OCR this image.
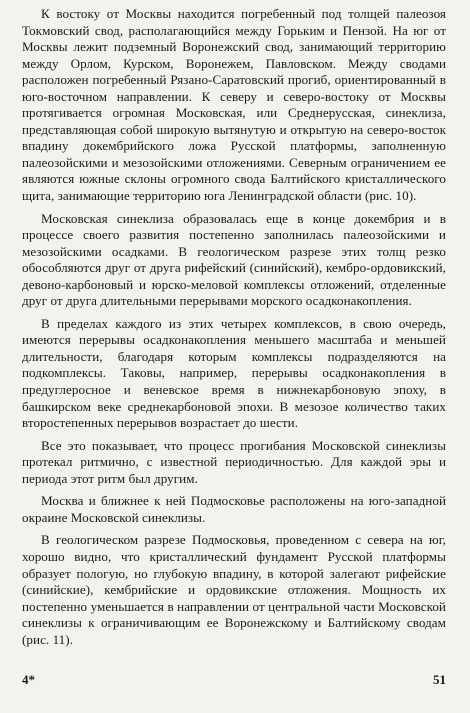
К востоку от Москвы находится погребенный под толщей палеозоя Токмовский свод, располагающийся между Горьким и Пензой. На юг от Москвы лежит подземный Воронежский свод, занимающий территорию между Орлом, Курском, Воронежем, Павловском. Между сводами расположен погребенный Рязано-Саратовский прогиб, ориентированный в юго-восточном направлении. К северу и северо-востоку от Москвы протягивается огромная Московская, или Среднерусская, синеклиза, представляющая собой широкую вытянутую и открытую на северо-восток впадину докембрийского ложа Русской платформы, заполненную палеозойскими и мезозойскими отложениями. Северным ограничением ее являются южные склоны огромного свода Балтийского кристаллического щита, занимающие территорию юга Ленинградской области (рис. 10).

Московская синеклиза образовалась еще в конце докембрия и в процессе своего развития постепенно заполнилась палеозойскими и мезозойскими осадками. В геологическом разрезе этих толщ резко обособляются друг от друга рифейский (синийский), кембро-ордовикский, девоно-карбоновый и юрско-меловой комплексы отложений, отделенные друг от друга длительными перерывами морского осадконакопления.

В пределах каждого из этих четырех комплексов, в свою очередь, имеются перерывы осадконакопления меньшего масштаба и меньшей длительности, благодаря которым комплексы подразделяются на подкомплексы. Таковы, например, перерывы осадконакопления в предуглеросное и веневское время в нижнекарбоновую эпоху, в башкирском веке среднекарбоновой эпохи. В мезозое количество таких второстепенных перерывов возрастает до шести.

Все это показывает, что процесс прогибания Московской синеклизы протекал ритмично, с известной периодичностью. Для каждой эры и периода этот ритм был другим.

Москва и ближнее к ней Подмосковье расположены на юго-западной окраине Московской синеклизы.

В геологическом разрезе Подмосковья, проведенном с севера на юг, хорошо видно, что кристаллический фундамент Русской платформы образует пологую, но глубокую впадину, в которой залегают рифейские (синийские), кембрийские и ордовикские отложения. Мощность их постепенно уменьшается в направлении от центральной части Московской синеклизы к ограничивающим ее Воронежскому и Балтийскому сводам (рис. 11).

4*	51
